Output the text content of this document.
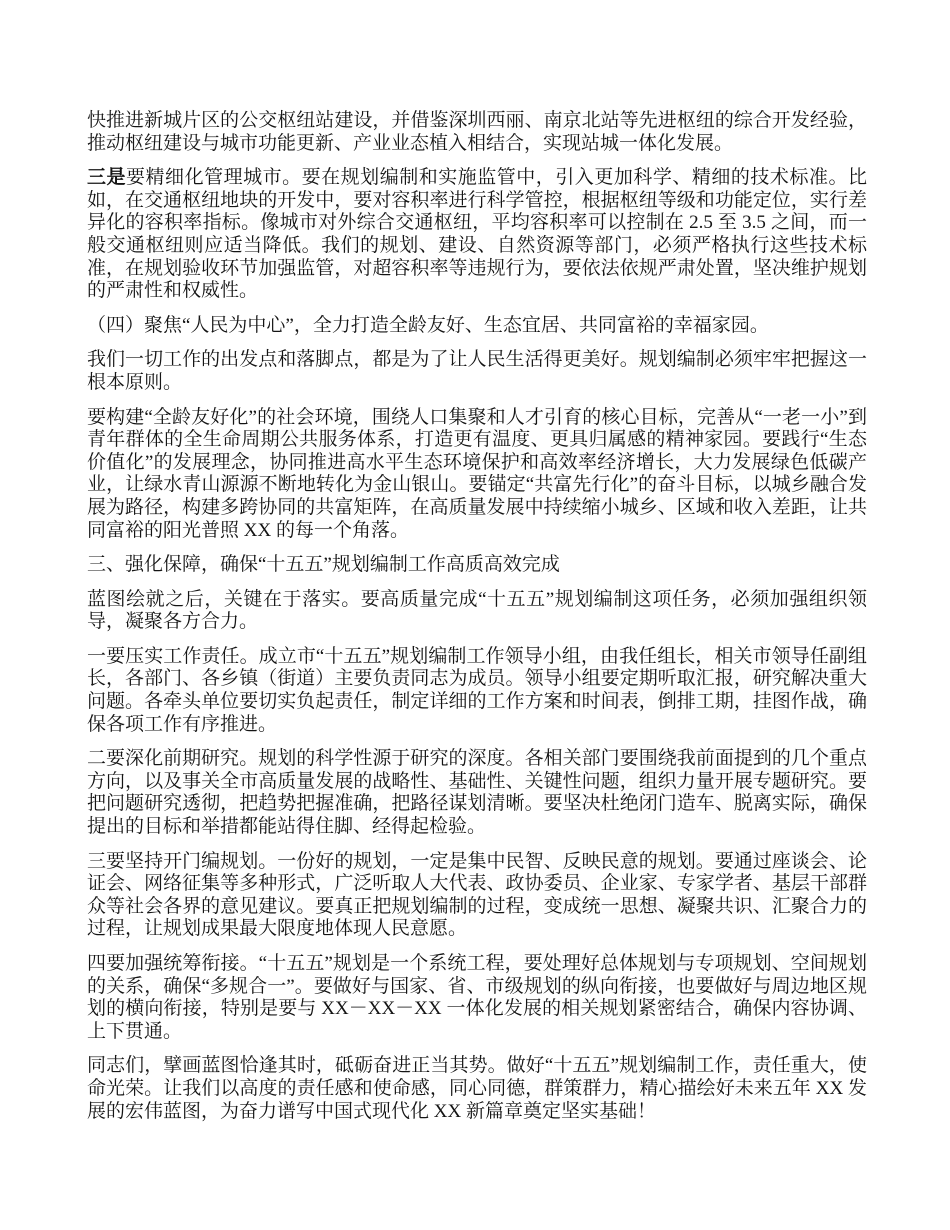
快推进新城片区的公交枢纽站建设，并借鉴深圳西丽、南京北站等先进枢纽的综合开发经验，推动枢纽建设与城市功能更新、产业业态植入相结合，实现站城一体化发展。

三是要精细化管理城市。要在规划编制和实施监管中，引入更加科学、精细的技术标准。比如，在交通枢纽地块的开发中，要对容积率进行科学管控，根据枢纽等级和功能定位，实行差异化的容积率指标。像城市对外综合交通枢纽，平均容积率可以控制在 2.5 至 3.5 之间，而一般交通枢纽则应适当降低。我们的规划、建设、自然资源等部门，必须严格执行这些技术标准，在规划验收环节加强监管，对超容积率等违规行为，要依法依规严肃处置，坚决维护规划的严肃性和权威性。

（四）聚焦“人民为中心”，全力打造全龄友好、生态宜居、共同富裕的幸福家园。

我们一切工作的出发点和落脚点，都是为了让人民生活得更美好。规划编制必须牢牢把握这一根本原则。

要构建“全龄友好化”的社会环境，围绕人口集聚和人才引育的核心目标，完善从“一老一小”到青年群体的全生命周期公共服务体系，打造更有温度、更具归属感的精神家园。要践行“生态价值化”的发展理念，协同推进高水平生态环境保护和高效率经济增长，大力发展绿色低碳产业，让绿水青山源源不断地转化为金山银山。要锚定“共富先行化”的奋斗目标，以城乡融合发展为路径，构建多跨协同的共富矩阵，在高质量发展中持续缩小城乡、区域和收入差距，让共同富裕的阳光普照 XX 的每一个角落。

三、强化保障，确保“十五五”规划编制工作高质高效完成

蓝图绘就之后，关键在于落实。要高质量完成“十五五”规划编制这项任务，必须加强组织领导，凝聚各方合力。

一要压实工作责任。成立市“十五五”规划编制工作领导小组，由我任组长，相关市领导任副组长，各部门、各乡镇（街道）主要负责同志为成员。领导小组要定期听取汇报，研究解决重大问题。各牵头单位要切实负起责任，制定详细的工作方案和时间表，倒排工期，挂图作战，确保各项工作有序推进。

二要深化前期研究。规划的科学性源于研究的深度。各相关部门要围绕我前面提到的几个重点方向，以及事关全市高质量发展的战略性、基础性、关键性问题，组织力量开展专题研究。要把问题研究透彻，把趋势把握准确，把路径谋划清晰。要坚决杜绝闭门造车、脱离实际，确保提出的目标和举措都能站得住脚、经得起检验。

三要坚持开门编规划。一份好的规划，一定是集中民智、反映民意的规划。要通过座谈会、论证会、网络征集等多种形式，广泛听取人大代表、政协委员、企业家、专家学者、基层干部群众等社会各界的意见建议。要真正把规划编制的过程，变成统一思想、凝聚共识、汇聚合力的过程，让规划成果最大限度地体现人民意愿。

四要加强统筹衔接。“十五五”规划是一个系统工程，要处理好总体规划与专项规划、空间规划的关系，确保“多规合一”。要做好与国家、省、市级规划的纵向衔接，也要做好与周边地区规划的横向衔接，特别是要与 XX－XX－XX 一体化发展的相关规划紧密结合，确保内容协调、上下贯通。

同志们，擘画蓝图恰逢其时，砥砺奋进正当其势。做好“十五五”规划编制工作，责任重大，使命光荣。让我们以高度的责任感和使命感，同心同德，群策群力，精心描绘好未来五年 XX 发展的宏伟蓝图，为奋力谱写中国式现代化 XX 新篇章奠定坚实基础！
